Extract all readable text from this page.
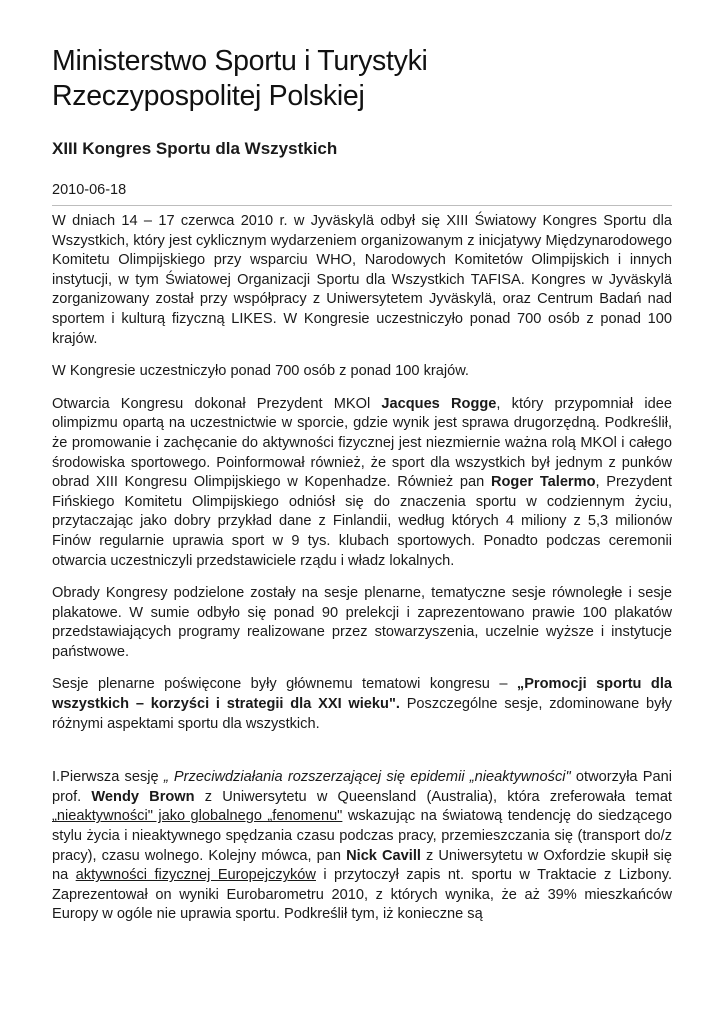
Ministerstwo Sportu i Turystyki
Rzeczypospolitej Polskiej
XIII Kongres Sportu dla Wszystkich
2010-06-18

W dniach 14 – 17 czerwca 2010 r. w Jyväskylä odbył się XIII Światowy Kongres Sportu dla Wszystkich, który jest cyklicznym wydarzeniem organizowanym z inicjatywy Międzynarodowego Komitetu Olimpijskiego przy wsparciu WHO, Narodowych Komitetów Olimpijskich i innych instytucji, w tym Światowej Organizacji Sportu dla Wszystkich TAFISA. Kongres w Jyväskylä zorganizowany został przy współpracy z Uniwersytetem Jyväskylä, oraz Centrum Badań nad sportem i kulturą fizyczną LIKES. W Kongresie uczestniczyło ponad 700 osób z ponad 100 krajów.

W Kongresie uczestniczyło ponad 700 osób z ponad 100 krajów.

Otwarcia Kongresu dokonał Prezydent MKOl Jacques Rogge, który przypomniał idee olimpizmu opartą na uczestnictwie w sporcie, gdzie wynik jest sprawa drugorzędną. Podkreślił, że promowanie i zachęcanie do aktywności fizycznej jest niezmiernie ważna rolą MKOl i całego środowiska sportowego. Poinformował również, że sport dla wszystkich był jednym z punków obrad XIII Kongresu Olimpijskiego w Kopenhadze. Również pan Roger Talermo, Prezydent Fińskiego Komitetu Olimpijskiego odniósł się do znaczenia sportu w codziennym życiu, przytaczając jako dobry przykład dane z Finlandii, według których 4 miliony z 5,3 milionów Finów regularnie uprawia sport w 9 tys. klubach sportowych. Ponadto podczas ceremonii otwarcia uczestniczyli przedstawiciele rządu i władz lokalnych.

Obrady Kongresy podzielone zostały na sesje plenarne, tematyczne sesje równoległe i sesje plakatowe. W sumie odbyło się ponad 90 prelekcji i zaprezentowano prawie 100 plakatów przedstawiających programy realizowane przez stowarzyszenia, uczelnie wyższe i instytucje państwowe.

Sesje plenarne poświęcone były głównemu tematowi kongresu – „Promocji sportu dla wszystkich – korzyści i strategii dla XXI wieku". Poszczególne sesje, zdominowane były różnymi aspektami sportu dla wszystkich.

I.Pierwsza sesję „ Przeciwdziałania rozszerzającej się epidemii „nieaktywności" otworzyła Pani prof. Wendy Brown z Uniwersytetu w Queensland (Australia), która zreferowała temat „nieaktywności" jako globalnego „fenomenu" wskazując na światową tendencję do siedzącego stylu życia i nieaktywnego spędzania czasu podczas pracy, przemieszczania się (transport do/z pracy), czasu wolnego. Kolejny mówca, pan Nick Cavill z Uniwersytetu w Oxfordzie skupił się na aktywności fizycznej Europejczyków i przytoczył zapis nt. sportu w Traktacie z Lizbony. Zaprezentował on wyniki Eurobarometru 2010, z których wynika, że aż 39% mieszkańców Europy w ogóle nie uprawia sportu. Podkreślił tym, iż konieczne są
